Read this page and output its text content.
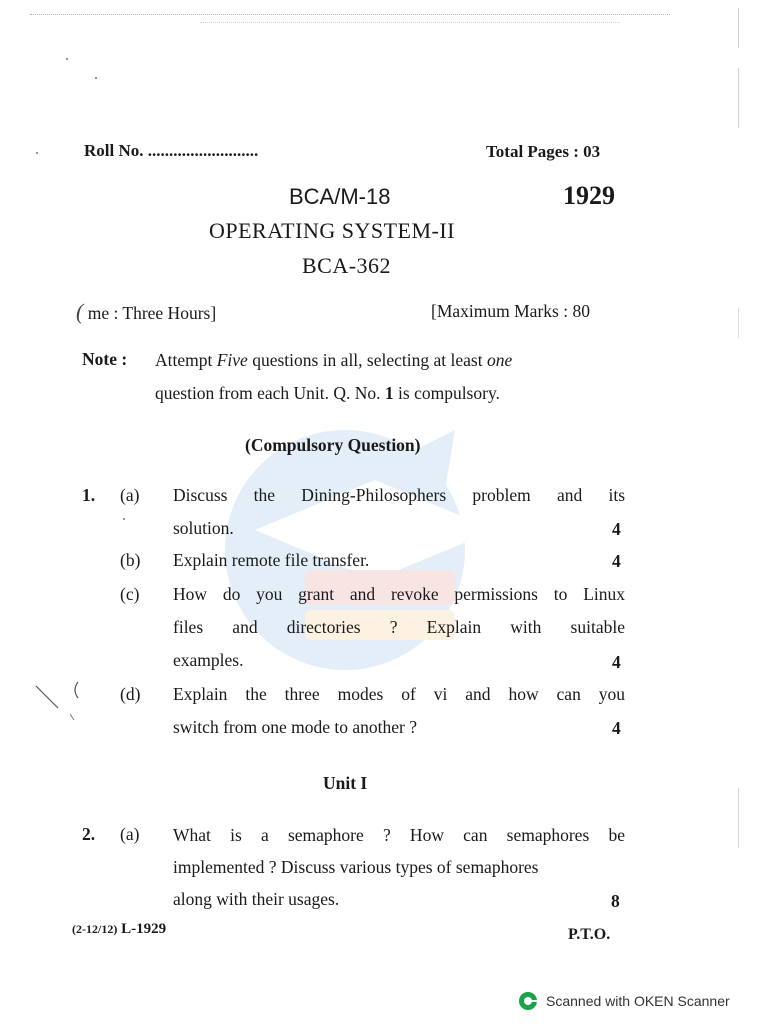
Roll No. ..........................	Total Pages : 03
BCA/M-18	1929
OPERATING SYSTEM-II
BCA-362
( me : Three Hours]	[Maximum Marks : 80
Note : Attempt Five questions in all, selecting at least one
question from each Unit. Q. No. 1 is compulsory.
(Compulsory Question)
1. (a) Discuss the Dining-Philosophers problem and its
solution.	4
(b) Explain remote file transfer.	4
(c) How do you grant and revoke permissions to Linux
files and directories ? Explain with suitable
examples.	4
(d) Explain the three modes of vi and how can you
switch from one mode to another ?	4
Unit I
2. (a) What is a semaphore ? How can semaphores be
implemented ? Discuss various types of semaphores
along with their usages.	8
(2-12/12) L-1929	P.T.O.
Scanned with OKEN Scanner
